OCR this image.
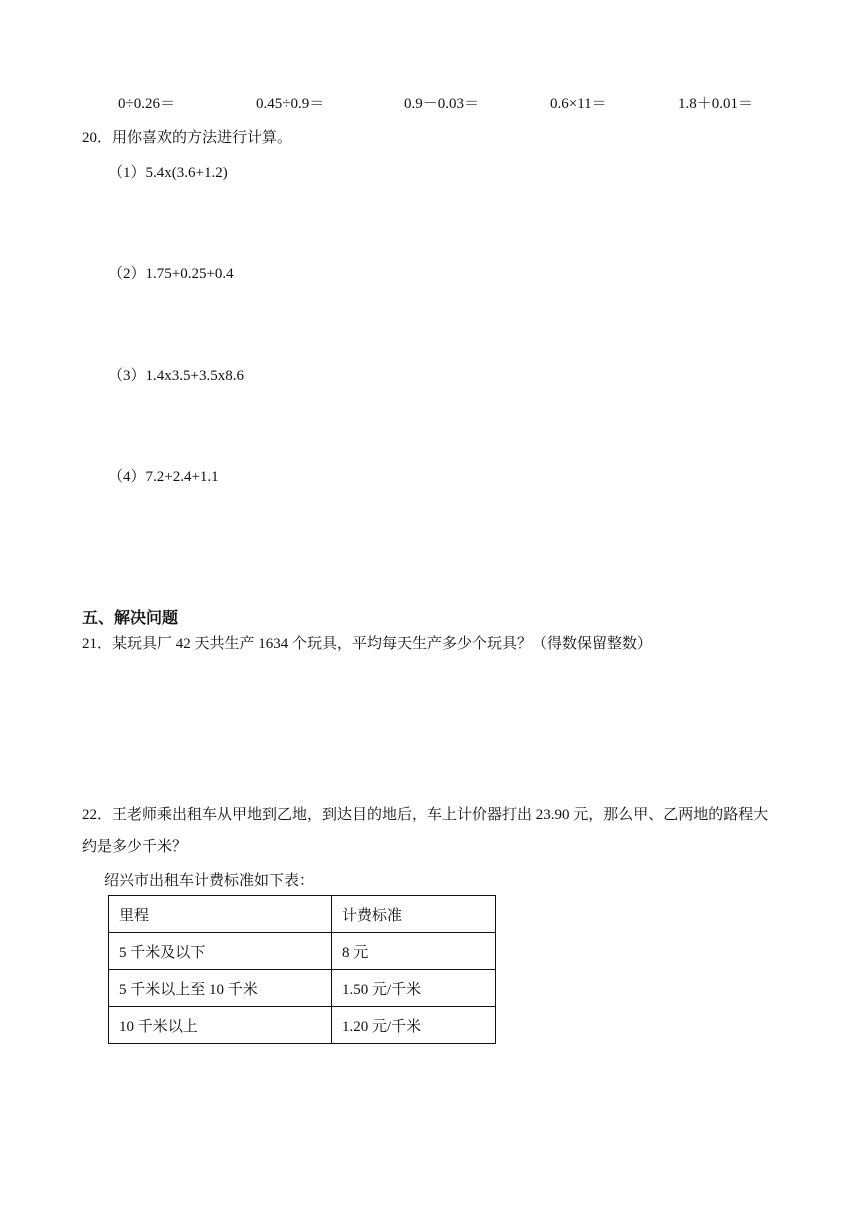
0÷0.26＝	0.45÷0.9＝	0.9－0.03＝	0.6×11＝	1.8＋0.01＝
20．用你喜欢的方法进行计算。
（1）5.4x(3.6+1.2)
（2）1.75+0.25+0.4
（3）1.4x3.5+3.5x8.6
（4）7.2+2.4+1.1
五、解决问题
21．某玩具厂 42 天共生产 1634 个玩具，平均每天生产多少个玩具？（得数保留整数）
22．王老师乘出租车从甲地到乙地，到达目的地后，车上计价器打出 23.90 元，那么甲、乙两地的路程大
约是多少千米？
绍兴市出租车计费标准如下表：
里程	计费标准
5 千米及以下	8 元
5 千米以上至 10 千米	1.50 元/千米
10 千米以上	1.20 元/千米
